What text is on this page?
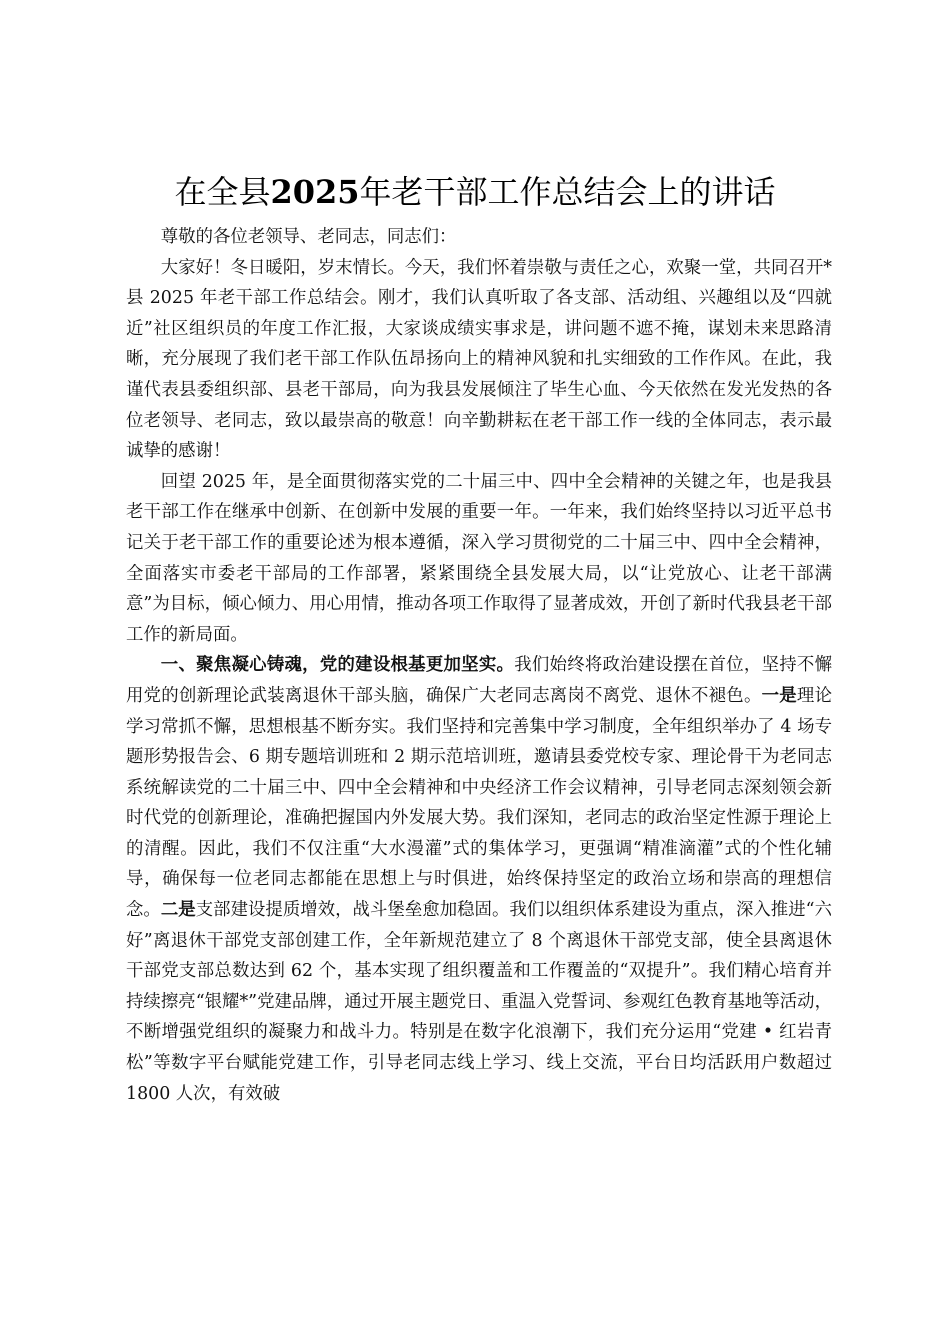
在全县2025年老干部工作总结会上的讲话

尊敬的各位老领导、老同志，同志们：

大家好！冬日暖阳，岁末情长。今天，我们怀着崇敬与责任之心，欢聚一堂，共同召开*县 2025 年老干部工作总结会。刚才，我们认真听取了各支部、活动组、兴趣组以及“四就近”社区组织员的年度工作汇报，大家谈成绩实事求是，讲问题不遮不掩，谋划未来思路清晰，充分展现了我们老干部工作队伍昂扬向上的精神风貌和扎实细致的工作作风。在此，我谨代表县委组织部、县老干部局，向为我县发展倾注了毕生心血、今天依然在发光发热的各位老领导、老同志，致以最崇高的敬意！向辛勤耕耘在老干部工作一线的全体同志，表示最诚挚的感谢！

回望 2025 年，是全面贯彻落实党的二十届三中、四中全会精神的关键之年，也是我县老干部工作在继承中创新、在创新中发展的重要一年。一年来，我们始终坚持以习近平总书记关于老干部工作的重要论述为根本遵循，深入学习贯彻党的二十届三中、四中全会精神，全面落实市委老干部局的工作部署，紧紧围绕全县发展大局，以“让党放心、让老干部满意”为目标，倾心倾力、用心用情，推动各项工作取得了显著成效，开创了新时代我县老干部工作的新局面。

一、聚焦凝心铸魂，党的建设根基更加坚实。我们始终将政治建设摆在首位，坚持不懈用党的创新理论武装离退休干部头脑，确保广大老同志离岗不离党、退休不褪色。一是理论学习常抓不懈，思想根基不断夯实。我们坚持和完善集中学习制度，全年组织举办了 4 场专题形势报告会、6 期专题培训班和 2 期示范培训班，邀请县委党校专家、理论骨干为老同志系统解读党的二十届三中、四中全会精神和中央经济工作会议精神，引导老同志深刻领会新时代党的创新理论，准确把握国内外发展大势。我们深知，老同志的政治坚定性源于理论上的清醒。因此，我们不仅注重“大水漫灌”式的集体学习，更强调“精准滴灌”式的个性化辅导，确保每一位老同志都能在思想上与时俱进，始终保持坚定的政治立场和崇高的理想信念。二是支部建设提质增效，战斗堡垒愈加稳固。我们以组织体系建设为重点，深入推进“六好”离退休干部党支部创建工作，全年新规范建立了 8 个离退休干部党支部，使全县离退休干部党支部总数达到 62 个，基本实现了组织覆盖和工作覆盖的“双提升”。我们精心培育并持续擦亮“银耀*”党建品牌，通过开展主题党日、重温入党誓词、参观红色教育基地等活动，不断增强党组织的凝聚力和战斗力。特别是在数字化浪潮下，我们充分运用“党建 • 红岩青松”等数字平台赋能党建工作，引导老同志线上学习、线上交流，平台日均活跃用户数超过 1800 人次，有效破
